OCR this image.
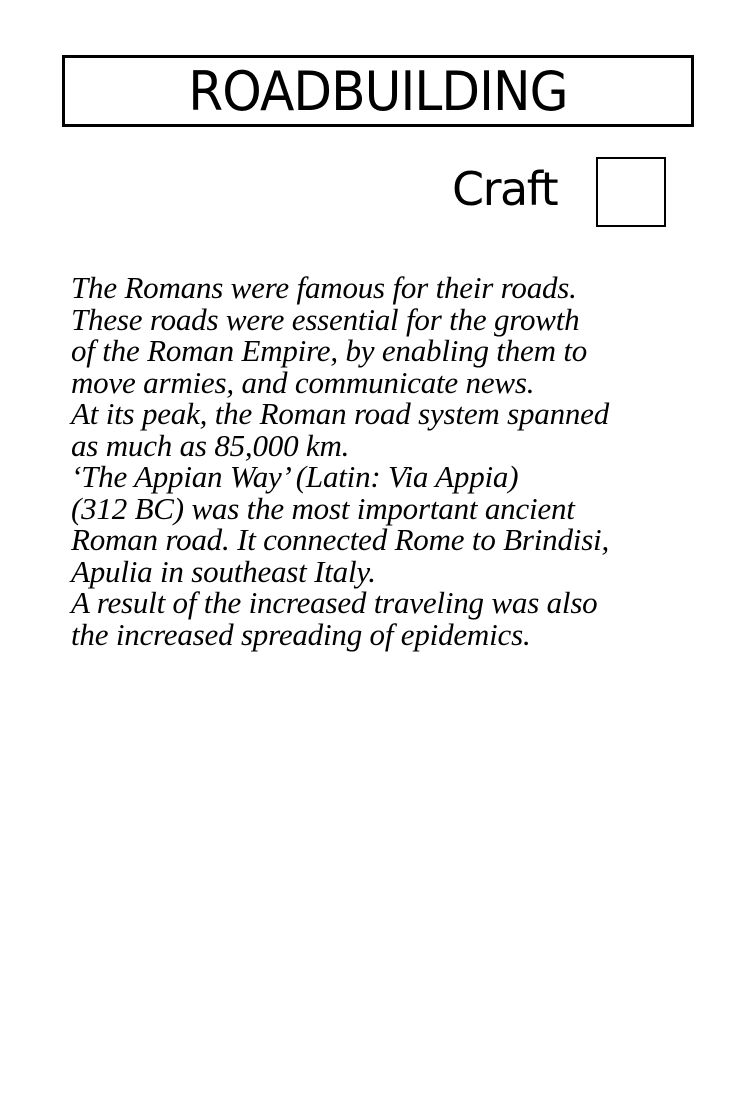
ROADBUILDING
Craft

The Romans were famous for their roads.
These roads were essential for the growth
of the Roman Empire, by enabling them to
move armies, and communicate news.
At its peak, the Roman road system spanned
as much as 85,000 km.
‘The Appian Way’ (Latin: Via Appia)
(312 BC) was the most important ancient
Roman road. It connected Rome to Brindisi,
Apulia in southeast Italy.
A result of the increased traveling was also
the increased spreading of epidemics.
